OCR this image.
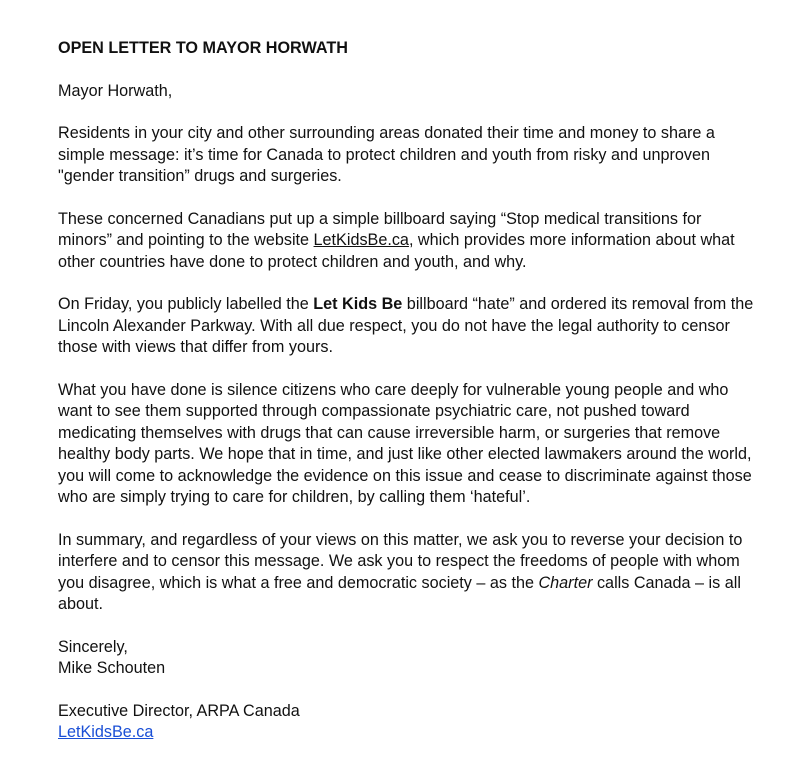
OPEN LETTER TO MAYOR HORWATH

Mayor Horwath,

Residents in your city and other surrounding areas donated their time and money to share a simple message: it’s time for Canada to protect children and youth from risky and unproven "gender transition” drugs and surgeries.

These concerned Canadians put up a simple billboard saying “Stop medical transitions for minors” and pointing to the website LetKidsBe.ca, which provides more information about what other countries have done to protect children and youth, and why.

On Friday, you publicly labelled the Let Kids Be billboard “hate” and ordered its removal from the Lincoln Alexander Parkway. With all due respect, you do not have the legal authority to censor those with views that differ from yours.

What you have done is silence citizens who care deeply for vulnerable young people and who want to see them supported through compassionate psychiatric care, not pushed toward medicating themselves with drugs that can cause irreversible harm, or surgeries that remove healthy body parts. We hope that in time, and just like other elected lawmakers around the world, you will come to acknowledge the evidence on this issue and cease to discriminate against those who are simply trying to care for children, by calling them ‘hateful’.

In summary, and regardless of your views on this matter, we ask you to reverse your decision to interfere and to censor this message. We ask you to respect the freedoms of people with whom you disagree, which is what a free and democratic society – as the Charter calls Canada – is all about.

Sincerely,

Mike Schouten

Executive Director, ARPA Canada

LetKidsBe.ca
